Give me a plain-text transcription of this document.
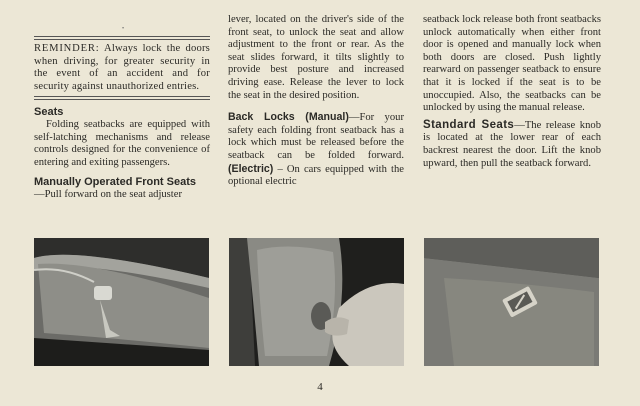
•

REMINDER: Always lock the doors when driving, for greater security in the event of an accident and for security against unauthorized entries.

Seats

Folding seatbacks are equipped with self-latching mechanisms and release controls designed for the convenience of entering and exiting passengers.

Manually Operated Front Seats

—Pull forward on the seat adjuster

lever, located on the driver's side of the front seat, to unlock the seat and allow adjustment to the front or rear. As the seat slides forward, it tilts slightly to provide best posture and increased driving ease. Release the lever to lock the seat in the desired position.

Back Locks (Manual)—For your safety each folding front seatback has a lock which must be released before the seatback can be folded forward. (Electric) – On cars equipped with the optional electric

seatback lock release both front seatbacks unlock automatically when either front door is opened and manually lock when both doors are closed. Push lightly rearward on passenger seatback to ensure that it is locked if the seat is to be unoccupied. Also, the seatbacks can be unlocked by using the manual release.

Standard Seats—The release knob is located at the lower rear of each backrest nearest the door. Lift the knob upward, then pull the seatback forward.

4
